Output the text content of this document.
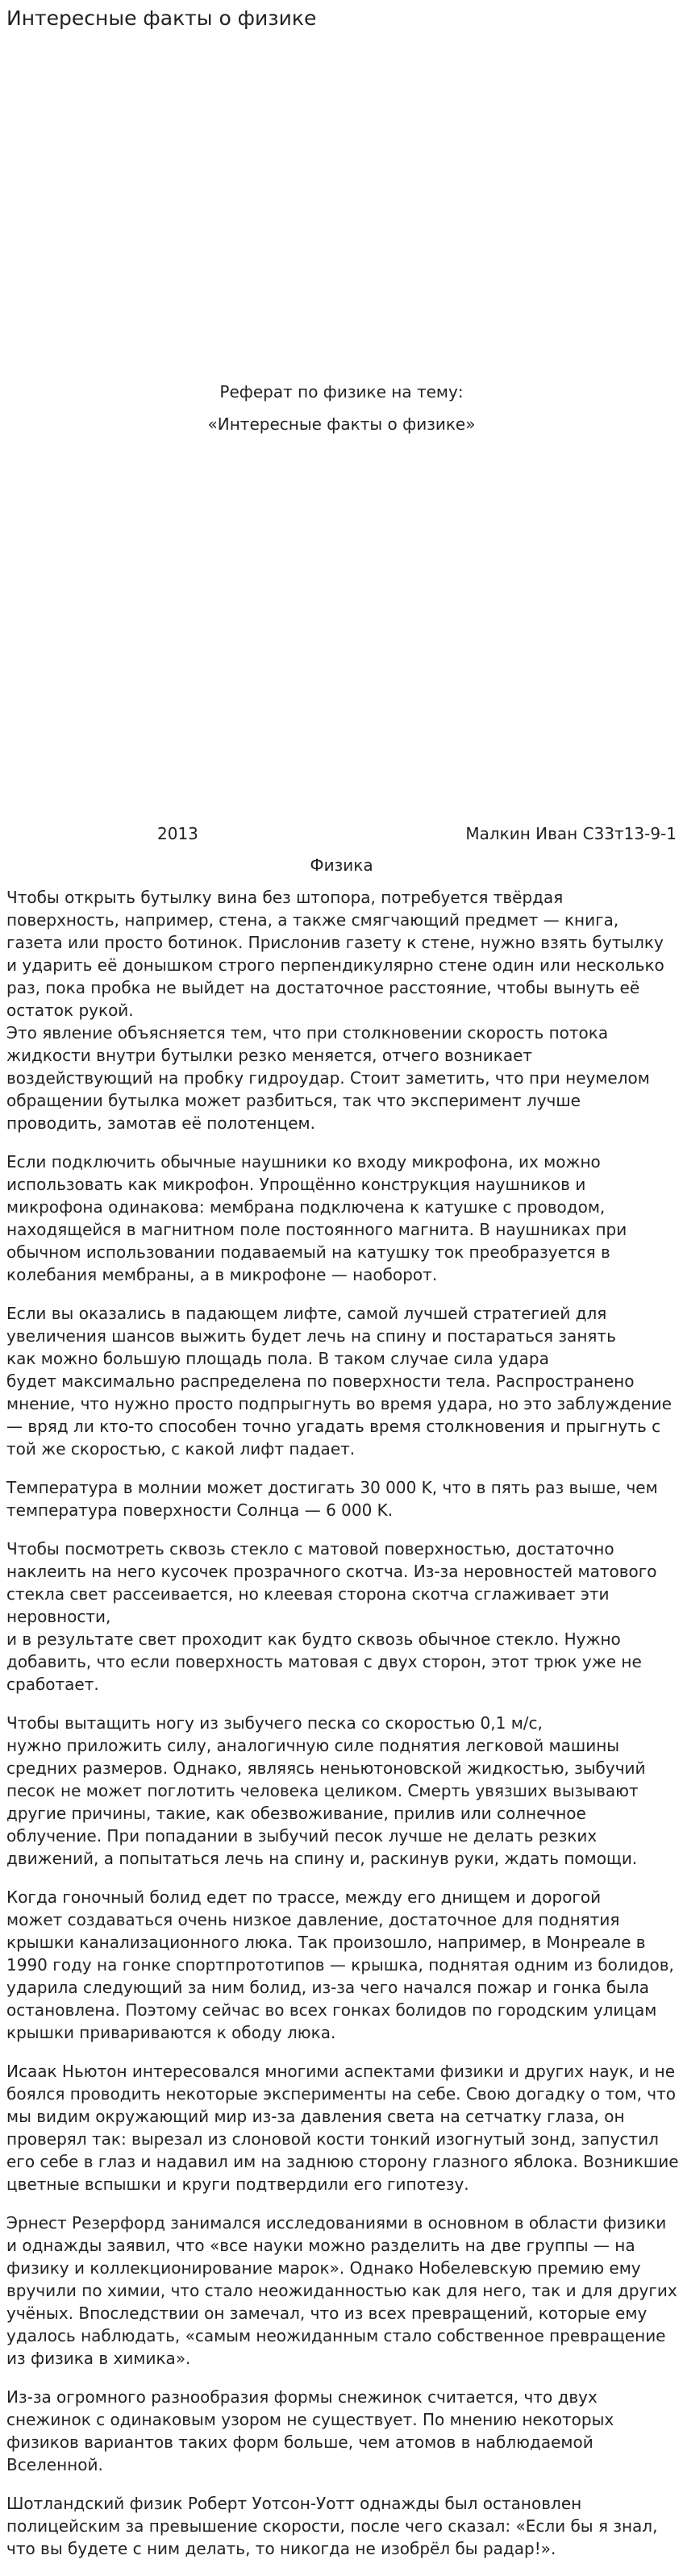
Интересные факты о физике
Реферат по физике на тему:
«Интересные факты о физике»
2013	Малкин Иван С33т13-9-1
Физика

Чтобы открыть бутылку вина без штопора, потребуется твёрдая поверхность, например, стена, а также смягчающий предмет — книга, газета или просто ботинок. Прислонив газету к стене, нужно взять бутылку и ударить её донышком строго перпендикулярно стене один или несколько раз, пока пробка не выйдет на достаточное расстояние, чтобы вынуть её остаток рукой.
Это явление объясняется тем, что при столкновении скорость потока жидкости внутри бутылки резко меняется, отчего возникает воздействующий на пробку гидроудар. Стоит заметить, что при неумелом обращении бутылка может разбиться, так что эксперимент лучше проводить, замотав её полотенцем.

Если подключить обычные наушники ко входу микрофона, их можно использовать как микрофон. Упрощённо конструкция наушников и микрофона одинакова: мембрана подключена к катушке с проводом, находящейся в магнитном поле постоянного магнита. В наушниках при обычном использовании подаваемый на катушку ток преобразуется в колебания мембраны, а в микрофоне — наоборот.

Если вы оказались в падающем лифте, самой лучшей стратегией для увеличения шансов выжить будет лечь на спину и постараться занять
как можно большую площадь пола. В таком случае сила удара
будет максимально распределена по поверхности тела. Распространено мнение, что нужно просто подпрыгнуть во время удара, но это заблуждение — вряд ли кто-то способен точно угадать время столкновения и прыгнуть с той же скоростью, с какой лифт падает.

Температура в молнии может достигать 30 000 K, что в пять раз выше, чем температура поверхности Солнца — 6 000 K.

Чтобы посмотреть сквозь стекло с матовой поверхностью, достаточно наклеить на него кусочек прозрачного скотча. Из-за неровностей матового стекла свет рассеивается, но клеевая сторона скотча сглаживает эти неровности,
и в результате свет проходит как будто сквозь обычное стекло. Нужно добавить, что если поверхность матовая с двух сторон, этот трюк уже не сработает.

Чтобы вытащить ногу из зыбучего песка со скоростью 0,1 м/с,
нужно приложить силу, аналогичную силе поднятия легковой машины средних размеров. Однако, являясь неньютоновской жидкостью, зыбучий песок не может поглотить человека целиком. Смерть увязших вызывают другие причины, такие, как обезвоживание, прилив или солнечное облучение. При попадании в зыбучий песок лучше не делать резких движений, а попытаться лечь на спину и, раскинув руки, ждать помощи.

Когда гоночный болид едет по трассе, между его днищем и дорогой
может создаваться очень низкое давление, достаточное для поднятия крышки канализационного люка. Так произошло, например, в Монреале в 1990 году на гонке спортпрототипов — крышка, поднятая одним из болидов, ударила следующий за ним болид, из-за чего начался пожар и гонка была остановлена. Поэтому сейчас во всех гонках болидов по городским улицам крышки привариваются к ободу люка.

Исаак Ньютон интересовался многими аспектами физики и других наук, и не боялся проводить некоторые эксперименты на себе. Свою догадку о том, что мы видим окружающий мир из-за давления света на сетчатку глаза, он проверял так: вырезал из слоновой кости тонкий изогнутый зонд, запустил его себе в глаз и надавил им на заднюю сторону глазного яблока. Возникшие цветные вспышки и круги подтвердили его гипотезу.

Эрнест Резерфорд занимался исследованиями в основном в области физики и однажды заявил, что «все науки можно разделить на две группы — на физику и коллекционирование марок». Однако Нобелевскую премию ему вручили по химии, что стало неожиданностью как для него, так и для других учёных. Впоследствии он замечал, что из всех превращений, которые ему удалось наблюдать, «самым неожиданным стало собственное превращение из физика в химика».

Из-за огромного разнообразия формы снежинок считается, что двух снежинок с одинаковым узором не существует. По мнению некоторых физиков вариантов таких форм больше, чем атомов в наблюдаемой Вселенной.

Шотландский физик Роберт Уотсон-Уотт однажды был остановлен полицейским за превышение скорости, после чего сказал: «Если бы я знал, что вы будете с ним делать, то никогда не изобрёл бы радар!».
